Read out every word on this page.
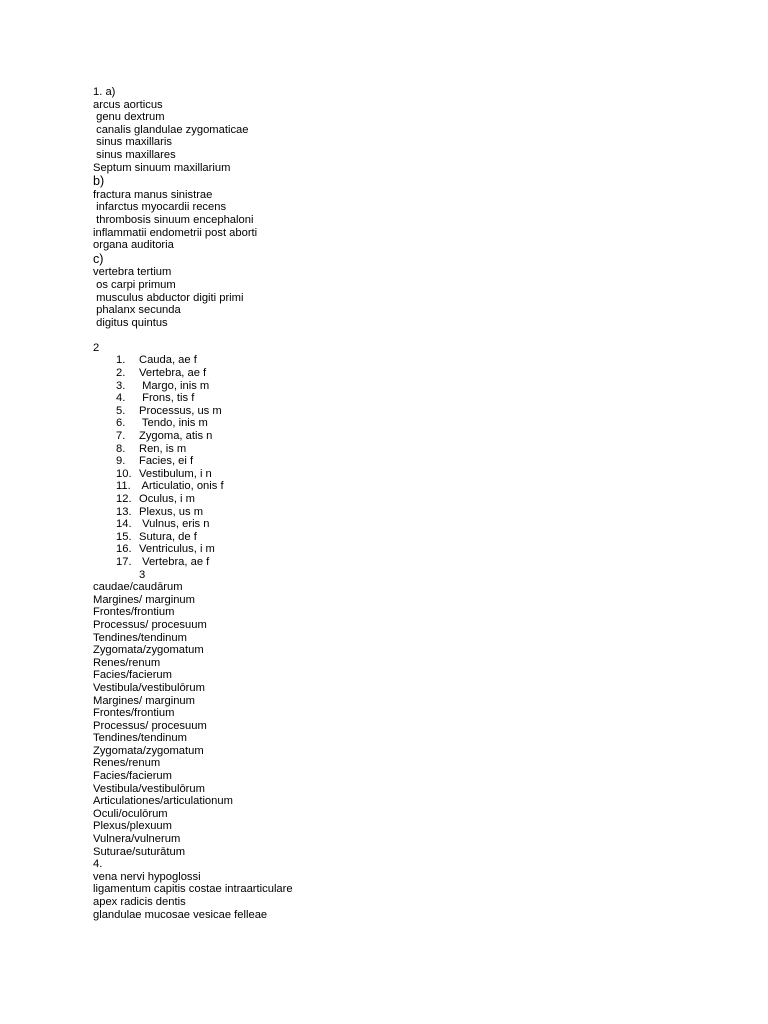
1. a)
arcus aorticus
genu dextrum
canalis glandulae zygomaticae
sinus maxillaris
sinus maxillares
Septum sinuum maxillarium
b)
fractura manus sinistrae
infarctus myocardii recens
thrombosis sinuum encephaloni
inflammatii endometrii post aborti
organa auditoria
c)
vertebra tertium
os carpi primum
musculus abductor digiti primi
phalanx secunda
digitus quintus
2
1. Cauda, ae f
2. Vertebra, ae f
3. Margo, inis m
4. Frons, tis f
5. Processus, us m
6. Tendo, inis m
7. Zygoma, atis n
8. Ren, is m
9. Facies, ei f
10. Vestibulum, i n
11. Articulatio, onis f
12. Oculus, i m
13. Plexus, us m
14. Vulnus, eris n
15. Sutura, de f
16. Ventriculus, i m
17. Vertebra, ae f
3
caudae/caudārum
Margines/ marginum
Frontes/frontium
Processus/ procesuum
Tendines/tendinum
Zygomata/zygomatum
Renes/renum
Facies/facierum
Vestibula/vestibulōrum
Margines/ marginum
Frontes/frontium
Processus/ procesuum
Tendines/tendinum
Zygomata/zygomatum
Renes/renum
Facies/facierum
Vestibula/vestibulōrum
Articulationes/articulationum
Oculi/oculōrum
Plexus/plexuum
Vulnera/vulnerum
Suturae/suturātum
4.
vena nervi hypoglossi
ligamentum capitis costae intraarticulare
apex radicis dentis
glandulae mucosae vesicae felleae
